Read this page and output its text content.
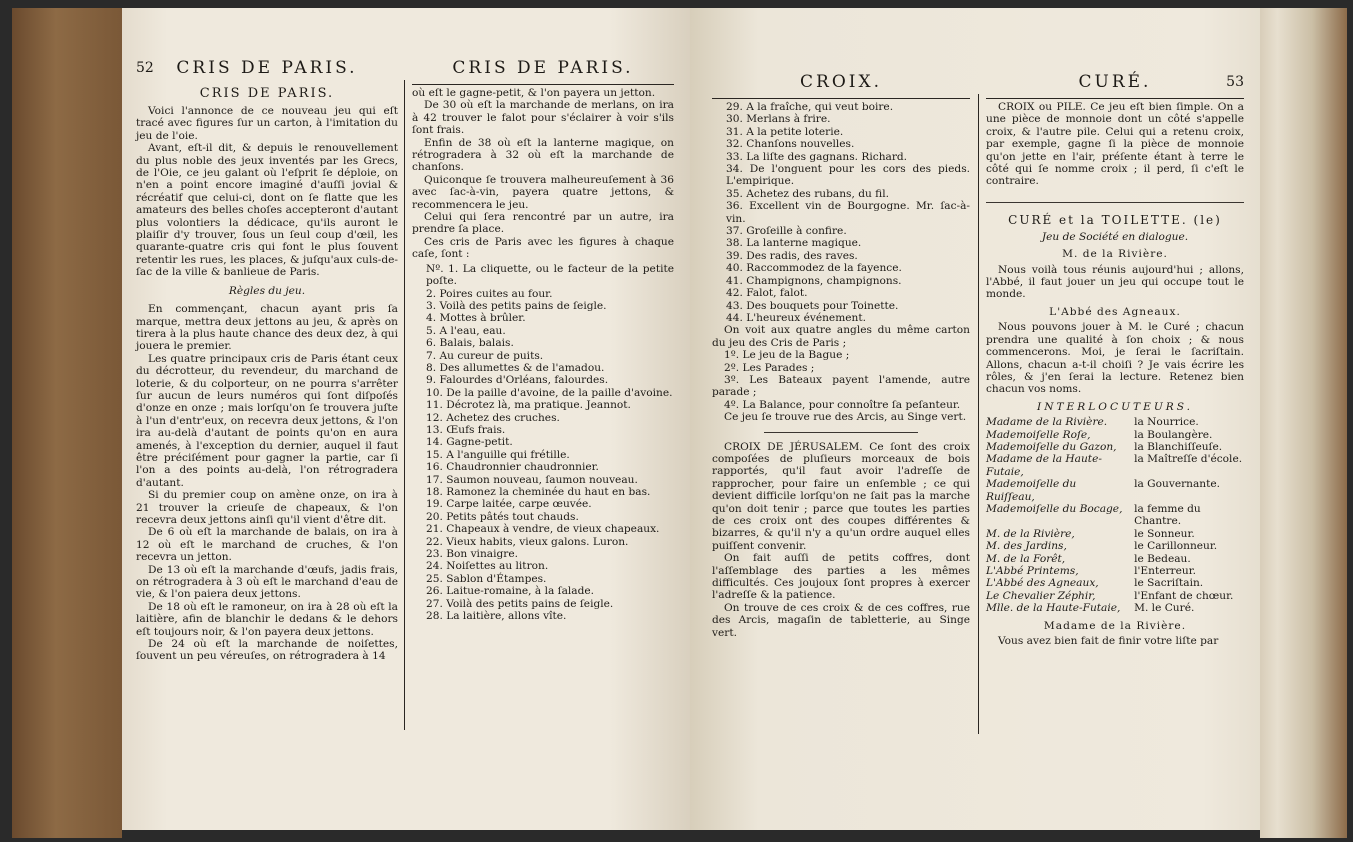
52 CRIS DE PARIS.
CRIS DE PARIS.

Voici l'annonce de ce nouveau jeu qui eſt tracé avec figures ſur un carton, à l'imitation du jeu de l'oie.

Avant, eſt-il dit, & depuis le renouvellement du plus noble des jeux inventés par les Grecs, de l'Oie, ce jeu galant où l'eſprit ſe déploie, on n'en a point encore imaginé d'auſſi jovial & récréatif que celui-ci, dont on ſe flatte que les amateurs des belles choſes accepteront d'autant plus volontiers la dédicace, qu'ils auront le plaiſir d'y trouver, ſous un ſeul coup d'œil, les quarante-quatre cris qui font le plus ſouvent retentir les rues, les places, & juſqu'aux culs-de-ſac de la ville & banlieue de Paris.

Règles du jeu.

En commençant, chacun ayant pris ſa marque, mettra deux jettons au jeu, & après on tirera à la plus haute chance des deux dez, à qui jouera le premier.

Les quatre principaux cris de Paris étant ceux du décrotteur, du revendeur, du marchand de loterie, & du colporteur, on ne pourra s'arrêter ſur aucun de leurs numéros qui ſont diſpoſés d'onze en onze ; mais lorſqu'on ſe trouvera juſte à l'un d'entr'eux, on recevra deux jettons, & l'on ira au-delà d'autant de points qu'on en aura amenés, à l'exception du dernier, auquel il faut être préciſément pour gagner la partie, car ſi l'on a des points au-delà, l'on rétrogradera d'autant.

Si du premier coup on amène onze, on ira à 21 trouver la crieuſe de chapeaux, & l'on recevra deux jettons ainſi qu'il vient d'être dit.

De 6 où eſt la marchande de balais, on ira à 12 où eſt le marchand de cruches, & l'on recevra un jetton.

De 13 où eſt la marchande d'œufs, jadis frais, on rétrogradera à 3 où eſt le marchand d'eau de vie, & l'on paiera deux jettons.

De 18 où eſt le ramoneur, on ira à 28 où eſt la laitière, afin de blanchir le dedans & le dehors eſt toujours noir, & l'on payera deux jettons.

De 24 où eſt la marchande de noiſettes, ſouvent un peu véreuſes, on rétrogradera à 14

CRIS DE PARIS.

où eſt le gagne-petit, & l'on payera un jetton.

De 30 où eſt la marchande de merlans, on ira à 42 trouver le falot pour s'éclairer à voir s'ils ſont frais.

Enfin de 38 où eſt la lanterne magique, on rétrogradera à 32 où eſt la marchande de chanſons.

Quiconque ſe trouvera malheureuſement à 36 avec ſac-à-vin, payera quatre jettons, & recommencera le jeu.

Celui qui ſera rencontré par un autre, ira prendre ſa place.

Ces cris de Paris avec les figures à chaque caſe, ſont :

Nº. 1. La cliquette, ou le facteur de la petite poſte.

2. Poires cuites au four.

3. Voilà des petits pains de ſeigle.

4. Mottes à brûler.

5. A l'eau, eau.

6. Balais, balais.

7. Au cureur de puits.

8. Des allumettes & de l'amadou.

9. Falourdes d'Orléans, falourdes.

10. De la paille d'avoine, de la paille d'avoine.

11. Décrotez là, ma pratique. Jeannot.

12. Achetez des cruches.

13. Œufs frais.

14. Gagne-petit.

15. A l'anguille qui frétille.

16. Chaudronnier chaudronnier.

17. Saumon nouveau, ſaumon nouveau.

18. Ramonez la cheminée du haut en bas.

19. Carpe laitée, carpe œuvée.

20. Petits pâtés tout chauds.

21. Chapeaux à vendre, de vieux chapeaux.

22. Vieux habits, vieux galons. Luron.

23. Bon vinaigre.

24. Noiſettes au litron.

25. Sablon d'Étampes.

26. Laitue-romaine, à la ſalade.

27. Voilà des petits pains de ſeigle.

28. La laitière, allons vîte.

CROIX.

29. A la fraîche, qui veut boire.

30. Merlans à frire.

31. A la petite loterie.

32. Chanſons nouvelles.

33. La liſte des gagnans. Richard.

34. De l'onguent pour les cors des pieds. L'empirique.

35. Achetez des rubans, du fil.

36. Excellent vin de Bourgogne. Mr. ſac-à-vin.

37. Groſeille à confire.

38. La lanterne magique.

39. Des radis, des raves.

40. Raccommodez de la fayence.

41. Champignons, champignons.

42. Falot, falot.

43. Des bouquets pour Toinette.

44. L'heureux événement.

On voit aux quatre angles du même carton du jeu des Cris de Paris ;

1º. Le jeu de la Bague ;

2º. Les Parades ;

3º. Les Bateaux payent l'amende, autre parade ;

4º. La Balance, pour connoître ſa peſanteur.

Ce jeu ſe trouve rue des Arcis, au Singe vert.

CROIX DE JÉRUSALEM. Ce ſont des croix compoſées de pluſieurs morceaux de bois rapportés, qu'il faut avoir l'adreſſe de rapprocher, pour faire un enſemble ; ce qui devient difficile lorſqu'on ne ſait pas la marche qu'on doit tenir ; parce que toutes les parties de ces croix ont des coupes différentes & bizarres, & qu'il n'y a qu'un ordre auquel elles puiſſent convenir.

On fait auſſi de petits coffres, dont l'aſſemblage des parties a les mêmes difficultés. Ces joujoux ſont propres à exercer l'adreſſe & la patience.

On trouve de ces croix & de ces coffres, rue des Arcis, magaſin de tabletterie, au Singe vert.

CURÉ.	53

CROIX ou PILE. Ce jeu eſt bien ſimple. On a une pièce de monnoie dont un côté s'appelle croix, & l'autre pile. Celui qui a retenu croix, par exemple, gagne ſi la pièce de monnoie qu'on jette en l'air, préſente étant à terre le côté qui ſe nomme croix ; il perd, ſi c'eſt le contraire.

CURÉ et la TOILETTE. (le)

Jeu de Société en dialogue.

M. de la Rivière.

Nous voilà tous réunis aujourd'hui ; allons, l'Abbé, il faut jouer un jeu qui occupe tout le monde.

L'Abbé des Agneaux.

Nous pouvons jouer à M. le Curé ; chacun prendra une qualité à ſon choix ; & nous commencerons. Moi, je ſerai le ſacriſtain. Allons, chacun a-t-il choiſi ? Je vais écrire les rôles, & j'en ſerai la lecture. Retenez bien chacun vos noms.

INTERLOCUTEURS.

Madame de la Rivière.	la Nourrice.
Mademoiſelle Roſe,	la Boulangère.
Mademoiſelle du Gazon,	la Blanchiſſeuſe.
Madame de la Haute-Futaie,	la Maîtreſſe d'école.
Mademoiſelle du Ruiſſeau,	la Gouvernante.
Mademoiſelle du Bocage,	la femme du Chantre.
M. de la Rivière,	le Sonneur.
M. des Jardins,	le Carillonneur.
M. de la Forêt,	le Bedeau.
L'Abbé Printems,	l'Enterreur.
L'Abbé des Agneaux,	le Sacriſtain.
Le Chevalier Zéphir,	l'Enfant de chœur.
Mlle. de la Haute-Futaie,	M. le Curé.

Madame de la Rivière.

Vous avez bien fait de finir votre liſte par
